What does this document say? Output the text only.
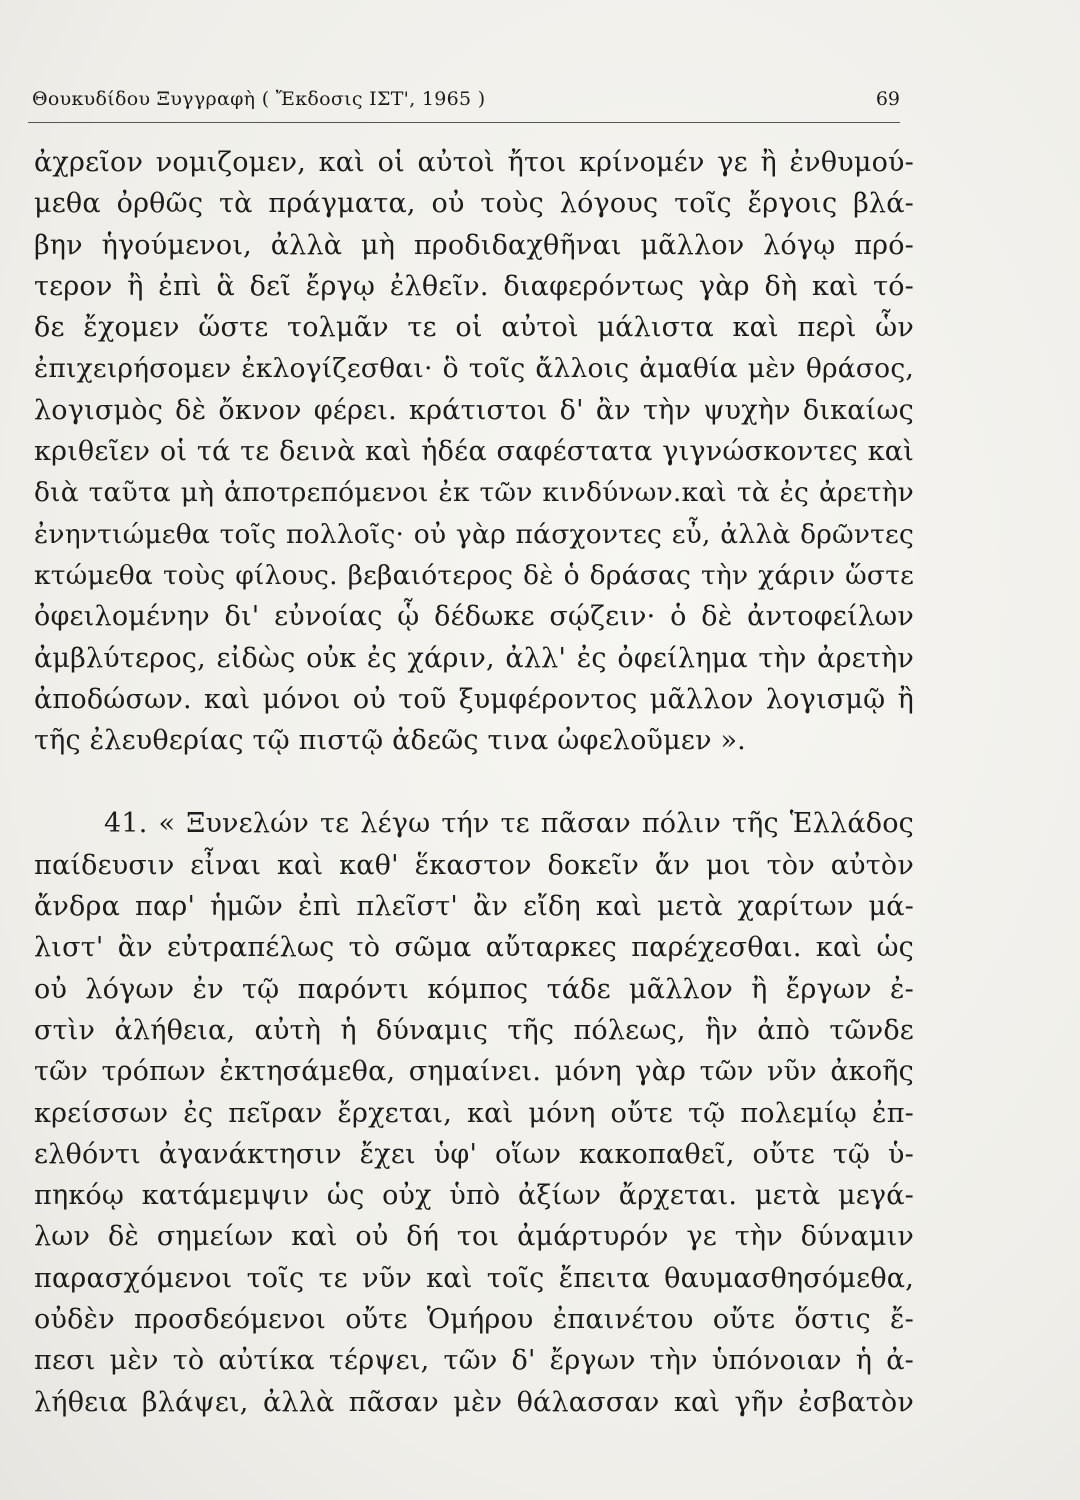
Θουκυδίδου Ξυγγραφὴ ( Ἔκδοσις ΙΣΤ', 1965 )	69
ἀχρεῖον νομιζομεν, καὶ οἱ αὐτοὶ ἤτοι κρίνομέν γε ἢ ἐνθυμού-
μεθα ὀρθῶς τὰ πράγματα, οὐ τοὺς λόγους τοῖς ἔργοις βλά-
βην ἡγούμενοι, ἀλλὰ μὴ προδιδαχθῆναι μᾶλλον λόγῳ πρό-
τερον ἢ ἐπὶ ἃ δεῖ ἔργῳ ἐλθεῖν. διαφερόντως γὰρ δὴ καὶ τό-
δε ἔχομεν ὥστε τολμᾶν τε οἱ αὐτοὶ μάλιστα καὶ περὶ ὧν
ἐπιχειρήσομεν ἐκλογίζεσθαι· ὃ τοῖς ἄλλοις ἀμαθία μὲν θράσος,
λογισμὸς δὲ ὄκνον φέρει. κράτιστοι δ' ἂν τὴν ψυχὴν δικαίως
κριθεῖεν οἱ τά τε δεινὰ καὶ ἡδέα σαφέστατα γιγνώσκοντες καὶ
διὰ ταῦτα μὴ ἀποτρεπόμενοι ἐκ τῶν κινδύνων.καὶ τὰ ἐς ἀρετὴν
ἐνηντιώμεθα τοῖς πολλοῖς· οὐ γὰρ πάσχοντες εὖ, ἀλλὰ δρῶντες
κτώμεθα τοὺς φίλους. βεβαιότερος δὲ ὁ δράσας τὴν χάριν ὥστε
ὀφειλομένην δι' εὐνοίας ᾧ δέδωκε σῴζειν· ὁ δὲ ἀντοφείλων
ἀμβλύτερος, εἰδὼς οὐκ ἐς χάριν, ἀλλ' ἐς ὀφείλημα τὴν ἀρετὴν
ἀποδώσων. καὶ μόνοι οὐ τοῦ ξυμφέροντος μᾶλλον λογισμῷ ἢ
τῆς ἐλευθερίας τῷ πιστῷ ἀδεῶς τινα ὠφελοῦμεν ».
41. « Ξυνελών τε λέγω τήν τε πᾶσαν πόλιν τῆς Ἑλλάδος
παίδευσιν εἶναι καὶ καθ' ἕκαστον δοκεῖν ἄν μοι τὸν αὐτὸν
ἄνδρα παρ' ἡμῶν ἐπὶ πλεῖστ' ἂν εἴδη καὶ μετὰ χαρίτων μά-
λιστ' ἂν εὐτραπέλως τὸ σῶμα αὔταρκες παρέχεσθαι. καὶ ὡς
οὐ λόγων ἐν τῷ παρόντι κόμπος τάδε μᾶλλον ἢ ἔργων ἐ-
στὶν ἀλήθεια, αὐτὴ ἡ δύναμις τῆς πόλεως, ἣν ἀπὸ τῶνδε
τῶν τρόπων ἐκτησάμεθα, σημαίνει. μόνη γὰρ τῶν νῦν ἀκοῆς
κρείσσων ἐς πεῖραν ἔρχεται, καὶ μόνη οὔτε τῷ πολεμίῳ ἐπ-
ελθόντι ἀγανάκτησιν ἔχει ὑφ' οἵων κακοπαθεῖ, οὔτε τῷ ὑ-
πηκόῳ κατάμεμψιν ὡς οὐχ ὑπὸ ἀξίων ἄρχεται. μετὰ μεγά-
λων δὲ σημείων καὶ οὐ δή τοι ἀμάρτυρόν γε τὴν δύναμιν
παρασχόμενοι τοῖς τε νῦν καὶ τοῖς ἔπειτα θαυμασθησόμεθα,
οὐδὲν προσδεόμενοι οὔτε Ὁμήρου ἐπαινέτου οὔτε ὅστις ἔ-
πεσι μὲν τὸ αὐτίκα τέρψει, τῶν δ' ἔργων τὴν ὑπόνοιαν ἡ ἀ-
λήθεια βλάψει, ἀλλὰ πᾶσαν μὲν θάλασσαν καὶ γῆν ἐσβατὸν
